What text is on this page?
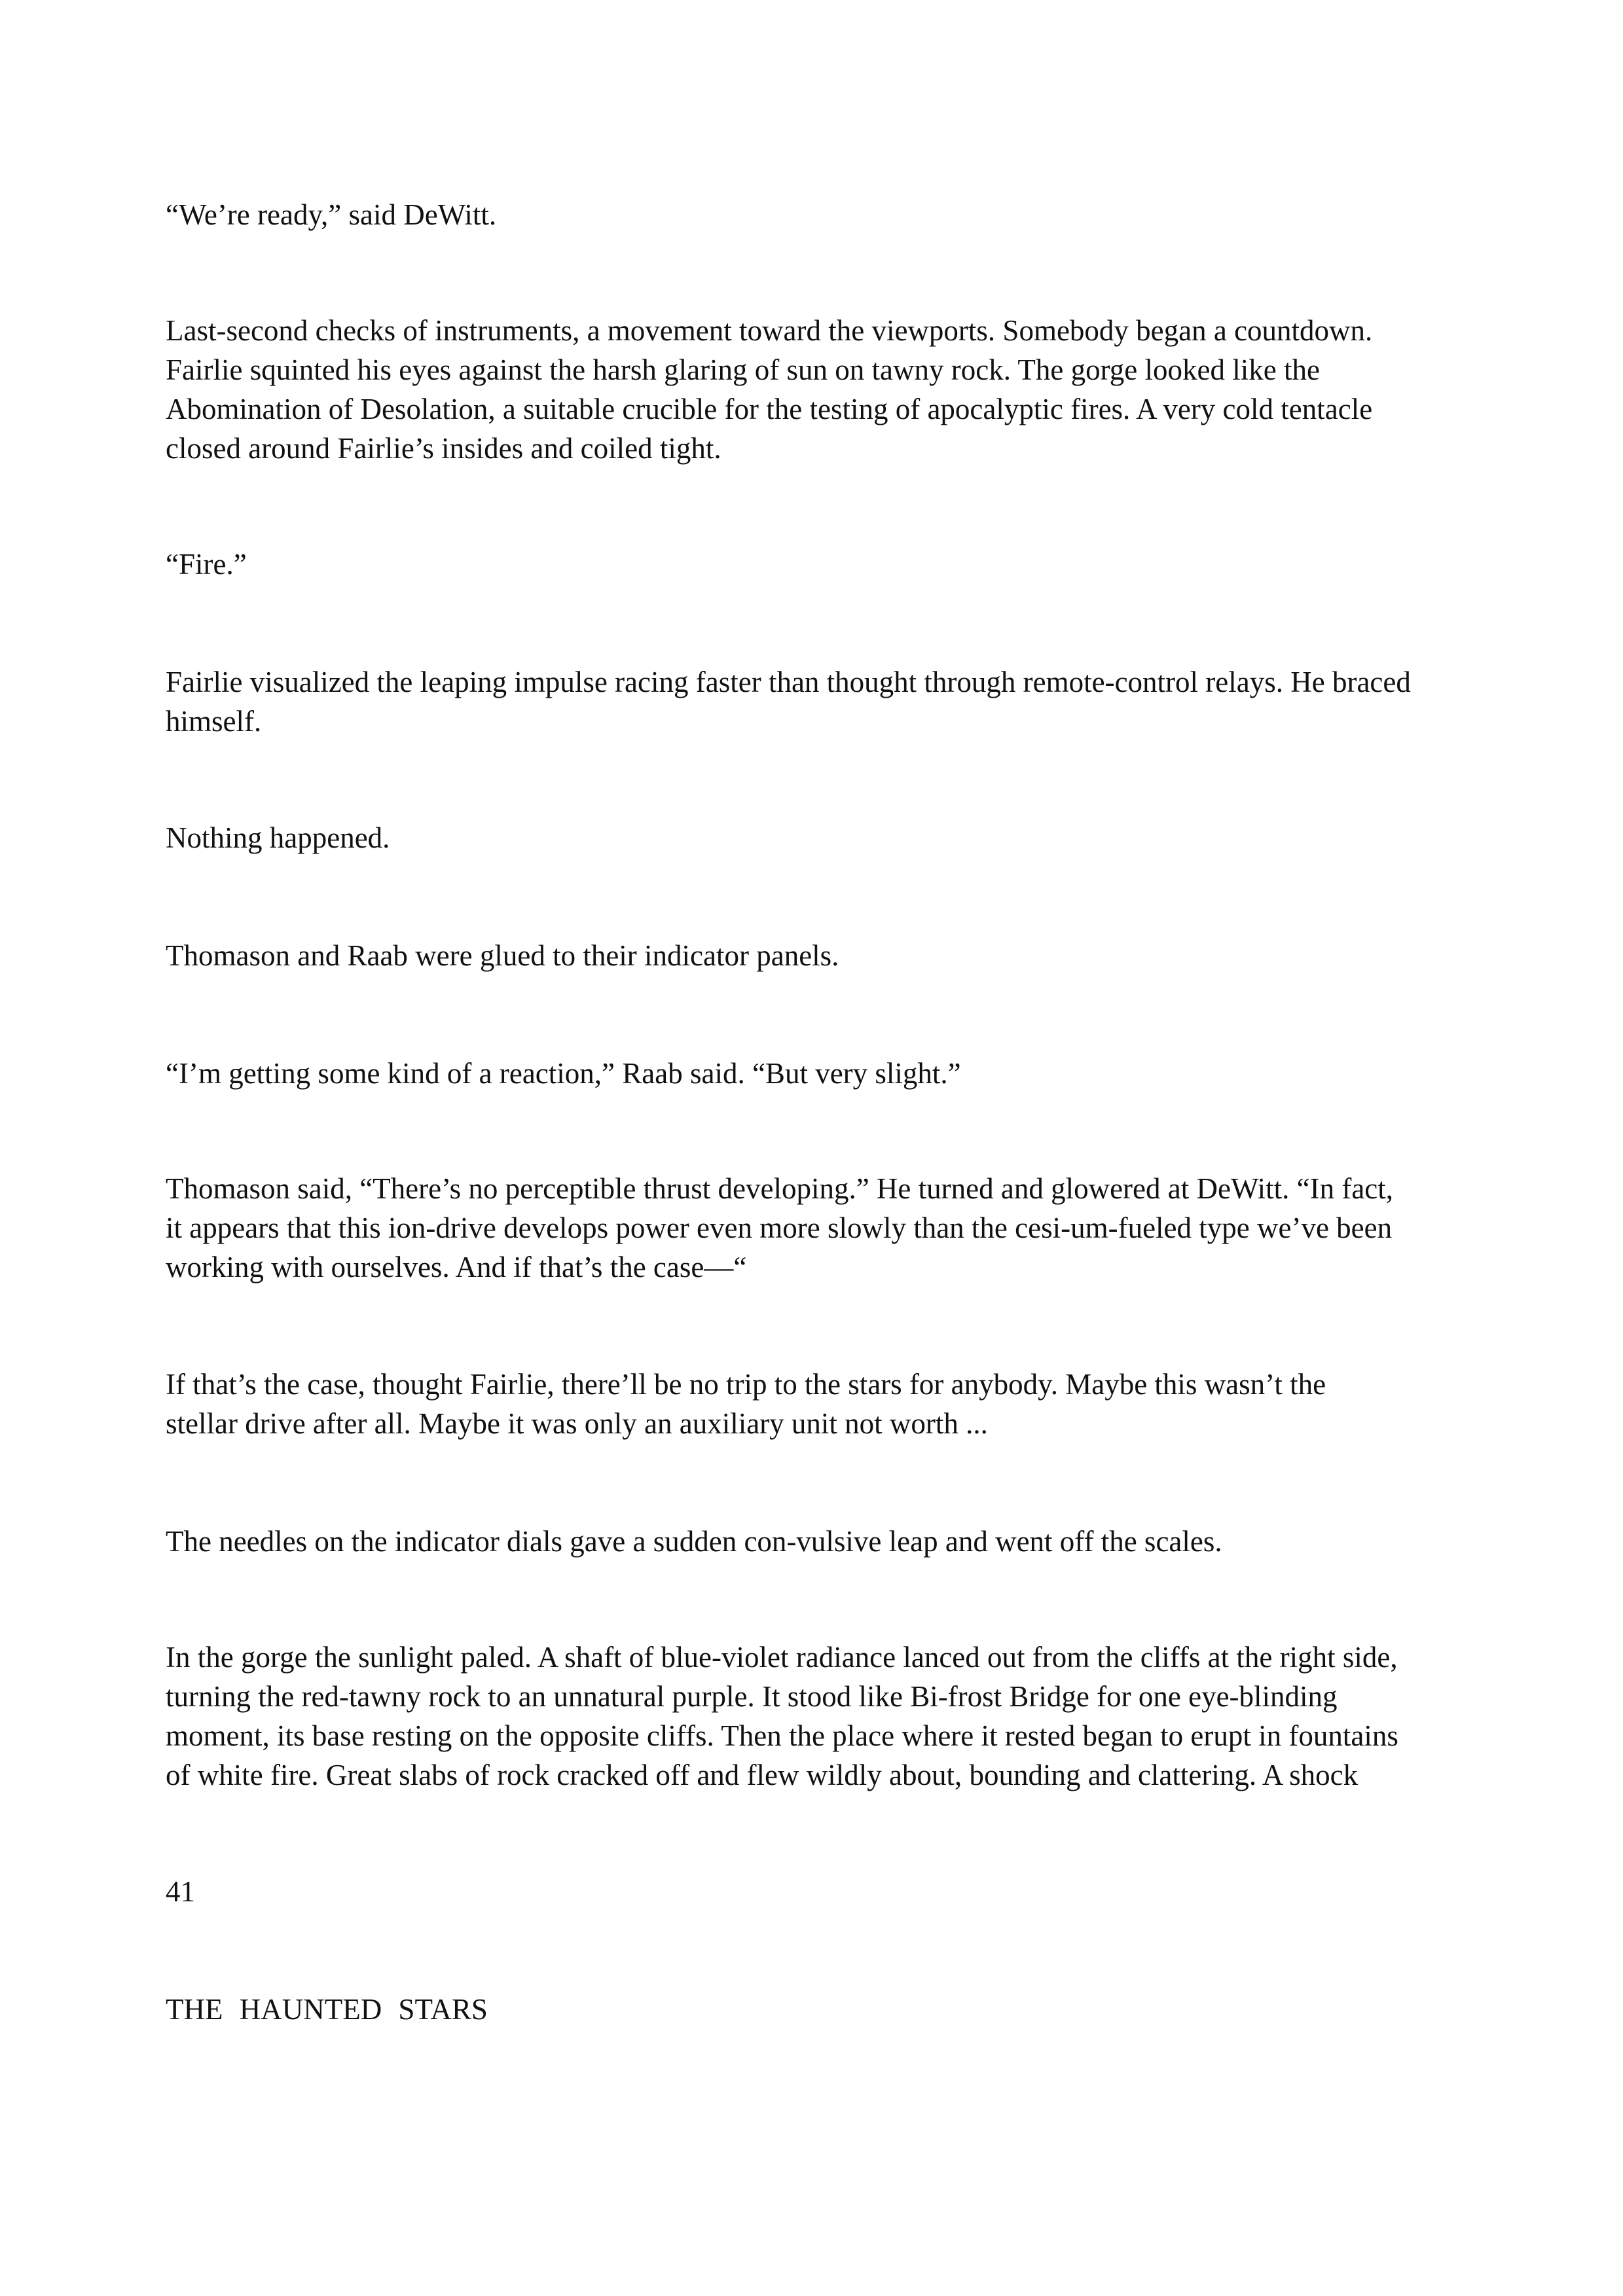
“We’re ready,” said DeWitt.

Last-second checks of instruments, a movement toward the viewports. Somebody began a countdown.
Fairlie squinted his eyes against the harsh glaring of sun on tawny rock. The gorge looked like the
Abomination of Desolation, a suitable crucible for the testing of apocalyptic fires. A very cold tentacle
closed around Fairlie’s insides and coiled tight.

“Fire.”

Fairlie visualized the leaping impulse racing faster than thought through remote-control relays. He braced
himself.

Nothing happened.

Thomason and Raab were glued to their indicator panels.

“I’m getting some kind of a reaction,” Raab said. “But very slight.”

Thomason said, “There’s no perceptible thrust developing.” He turned and glowered at DeWitt. “In fact,
it appears that this ion-drive develops power even more slowly than the cesi-um-fueled type we’ve been
working with ourselves. And if that’s the case—“

If that’s the case, thought Fairlie, there’ll be no trip to the stars for anybody. Maybe this wasn’t the
stellar drive after all. Maybe it was only an auxiliary unit not worth ...

The needles on the indicator dials gave a sudden con-vulsive leap and went off the scales.

In the gorge the sunlight paled. A shaft of blue-violet radiance lanced out from the cliffs at the right side,
turning the red-tawny rock to an unnatural purple. It stood like Bi-frost Bridge for one eye-blinding
moment, its base resting on the opposite cliffs. Then the place where it rested began to erupt in fountains
of white fire. Great slabs of rock cracked off and flew wildly about, bounding and clattering. A shock

41

THE HAUNTED STARS
